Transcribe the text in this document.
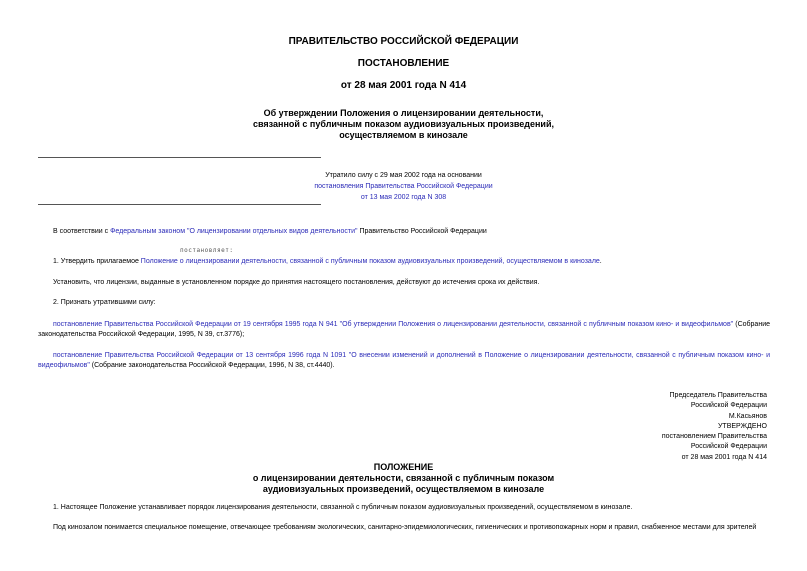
ПРАВИТЕЛЬСТВО РОССИЙСКОЙ ФЕДЕРАЦИИ
ПОСТАНОВЛЕНИЕ
от 28 мая 2001 года N 414
Об утверждении Положения о лицензировании деятельности,
связанной с публичным показом аудиовизуальных произведений,
осуществляемом в кинозале
Утратило силу с 29 мая 2002 года на основании
постановления Правительства Российской Федерации
от 13 мая 2002 года N 308
В соответствии с Федеральным законом "О лицензировании отдельных видов деятельности" Правительство Российской Федерации
постановляет:
1. Утвердить прилагаемое Положение о лицензировании деятельности, связанной с публичным показом аудиовизуальных произведений, осуществляемом в кинозале.
Установить, что лицензии, выданные в установленном порядке до принятия настоящего постановления, действуют до истечения срока их действия.
2. Признать утратившими силу:
постановление Правительства Российской Федерации от 19 сентября 1995 года N 941 "Об утверждении Положения о лицензировании деятельности, связанной с публичным показом кино- и видеофильмов" (Собрание законодательства Российской Федерации, 1995, N 39, ст.3776);
постановление Правительства Российской Федерации от 13 сентября 1996 года N 1091 "О внесении изменений и дополнений в Положение о лицензировании деятельности, связанной с публичным показом кино- и видеофильмов" (Собрание законодательства Российской Федерации, 1996, N 38, ст.4440).
Председатель Правительства
Российской Федерации
М.Касьянов
УТВЕРЖДЕНО
постановлением Правительства
Российской Федерации
от 28 мая 2001 года N 414
ПОЛОЖЕНИЕ
о лицензировании деятельности, связанной с публичным показом
аудиовизуальных произведений, осуществляемом в кинозале
1. Настоящее Положение устанавливает порядок лицензирования деятельности, связанной с публичным показом аудиовизуальных произведений, осуществляемом в кинозале.
Под кинозалом понимается специальное помещение, отвечающее требованиям экологических, санитарно-эпидемиологических, гигиенических и противопожарных норм и правил, снабженное местами для зрителей
